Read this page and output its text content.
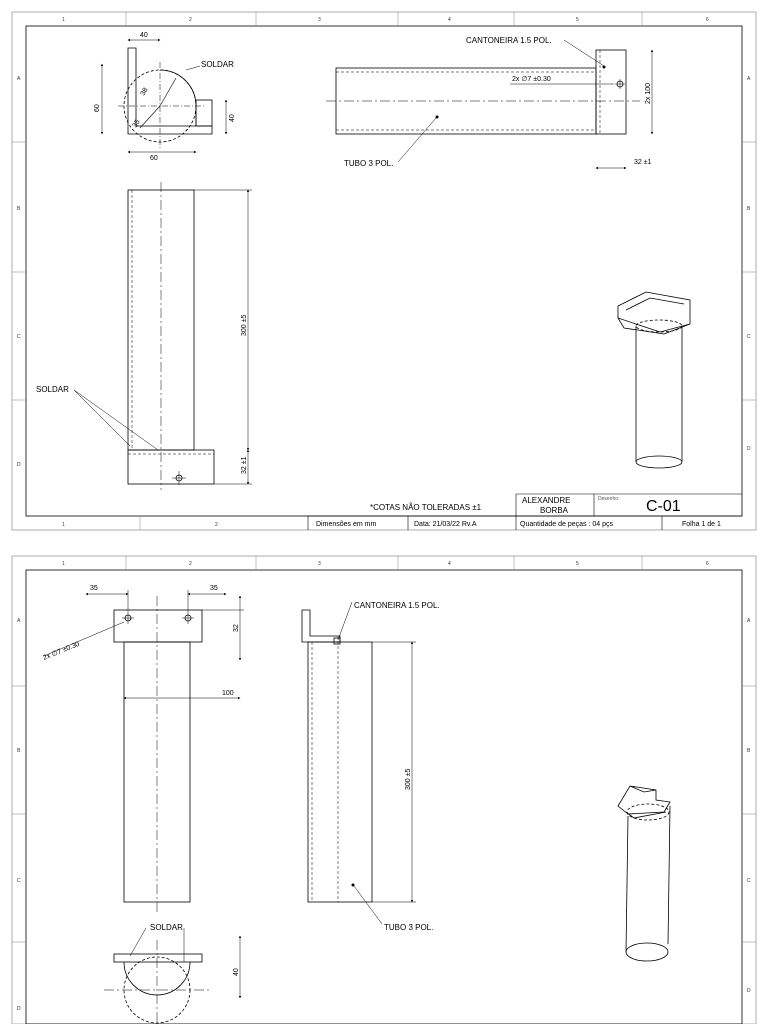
1	2	3	4	5	6
A
B
C
D
A
B
C
D
1	2
40
60
38
35
40
60
SOLDAR
CANTONEIRA 1.5 POL.
TUBO 3 POL.
2x ∅7 ±0.30
2x 100
32 ±1
300 ±5
32 ±1
SOLDAR
*COTAS NÃO TOLERADAS ±1
ALEXANDRE
BORBA
Desenho: C-01
Dimensões em mm	Data: 21/03/22 Rv.A	Quantidade de peças : 04 pçs	Folha 1 de 1
1	2	3	4	5	6
A
B
C
D
A
B
C
D
35	35
2x ∅7 ±0.30
32
100
CANTONEIRA 1.5 POL.
TUBO 3 POL.
300 ±5
SOLDAR
40
